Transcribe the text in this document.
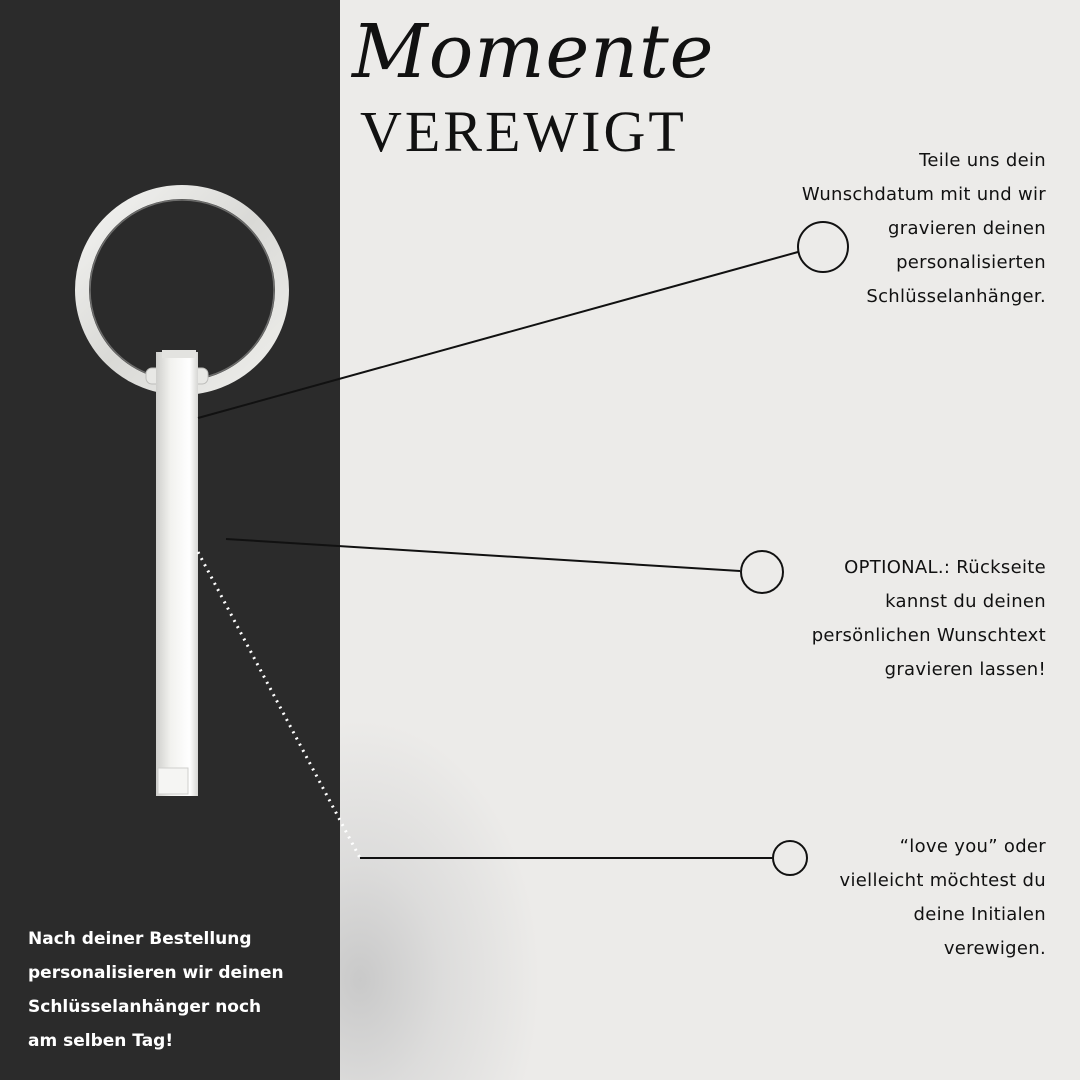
Momente
VEREWIGT	Teile uns dein
Wunschdatum mit und wir
gravieren deinen
personalisierten
Schlüsselanhänger.
OPTIONAL.: Rückseite
kannst du deinen
persönlichen Wunschtext
gravieren lassen!
“love you” oder
vielleicht möchtest du
deine Initialen
verewigen.
Nach deiner Bestellung
personalisieren wir deinen
Schlüsselanhänger noch
am selben Tag!
